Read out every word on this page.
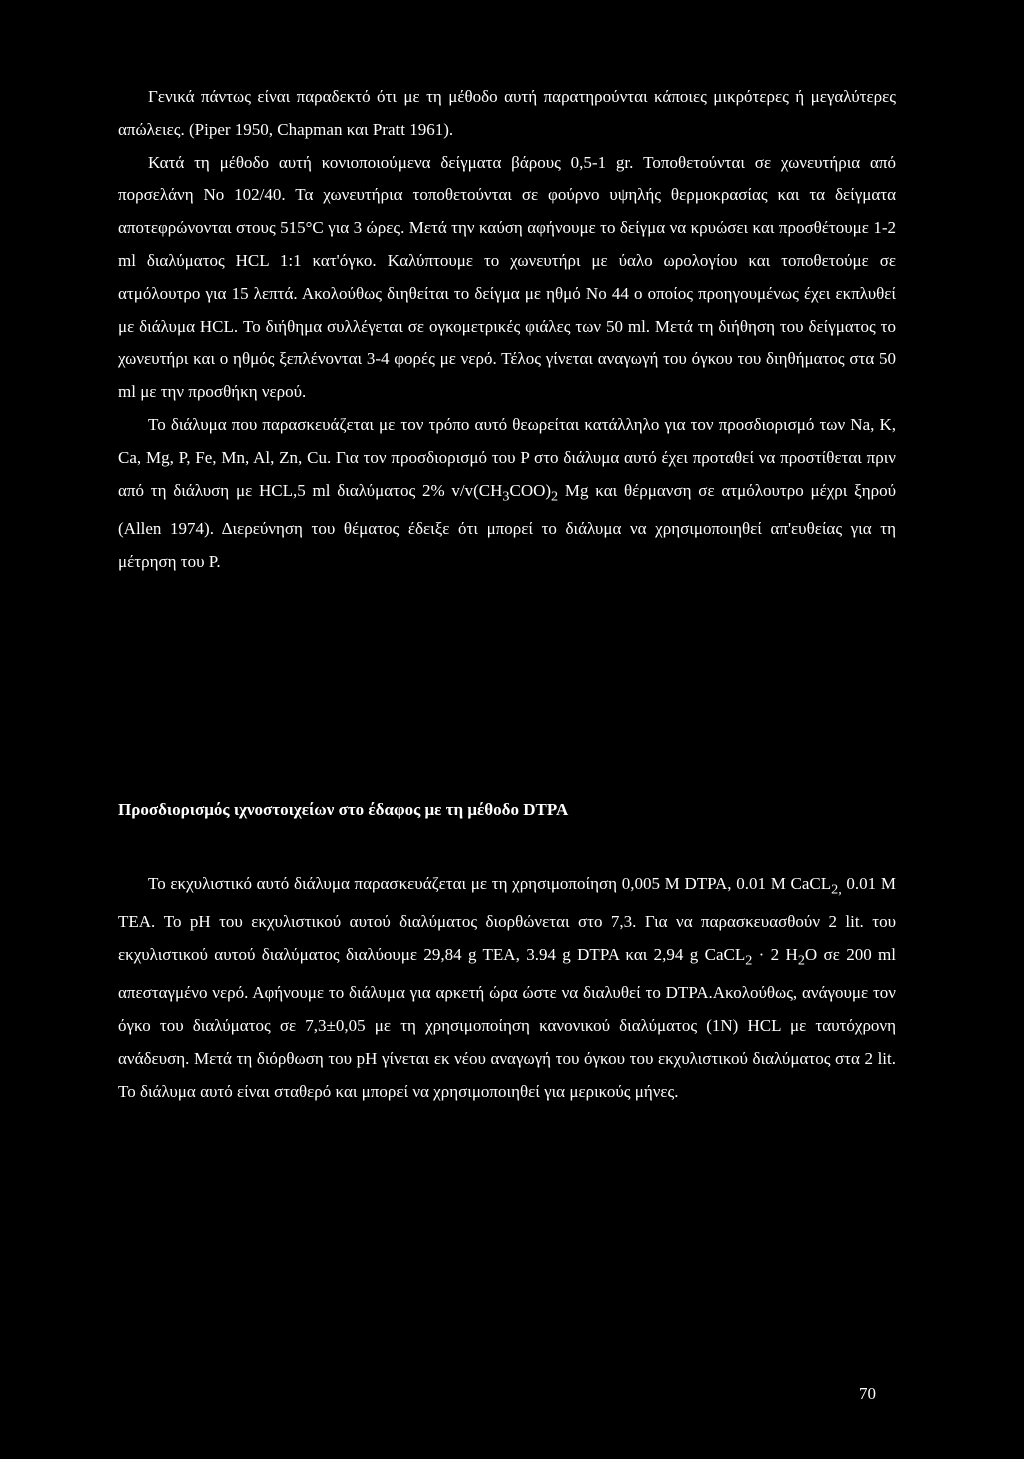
Γενικά πάντως είναι παραδεκτό ότι με τη μέθοδο αυτή παρατηρούνται κάποιες μικρότερες ή μεγαλύτερες απώλειες. (Piper 1950, Chapman και Pratt 1961).

Κατά τη μέθοδο αυτή κονιοποιούμενα δείγματα βάρους 0,5-1 gr. Τοποθετούνται σε χωνευτήρια από πορσελάνη Νο 102/40. Τα χωνευτήρια τοποθετούνται σε φούρνο υψηλής θερμοκρασίας και τα δείγματα αποτεφρώνονται στους 515°C για 3 ώρες. Μετά την καύση αφήνουμε το δείγμα να κρυώσει και προσθέτουμε 1-2 ml διαλύματος HCL 1:1 κατ'όγκο. Καλύπτουμε το χωνευτήρι με ύαλο ωρολογίου και τοποθετούμε σε ατμόλουτρο για 15 λεπτά. Ακολούθως διηθείται το δείγμα με ηθμό Νο 44 ο οποίος προηγουμένως έχει εκπλυθεί με διάλυμα HCL. Το διήθημα συλλέγεται σε ογκομετρικές φιάλες των 50 ml. Μετά τη διήθηση του δείγματος το χωνευτήρι και ο ηθμός ξεπλένονται 3-4 φορές με νερό. Τέλος γίνεται αναγωγή του όγκου του διηθήματος στα 50 ml με την προσθήκη νερού.

Το διάλυμα που παρασκευάζεται με τον τρόπο αυτό θεωρείται κατάλληλο για τον προσδιορισμό των Na, K, Ca, Mg, P, Fe, Mn, Al, Zn, Cu. Για τον προσδιορισμό του P στο διάλυμα αυτό έχει προταθεί να προστίθεται πριν από τη διάλυση με HCL,5 ml διαλύματος 2% $v/v(CH_3COO)_2$ Mg και θέρμανση σε ατμόλουτρο μέχρι ξηρού (Allen 1974). Διερεύνηση του θέματος έδειξε ότι μπορεί το διάλυμα να χρησιμοποιηθεί απ'ευθείας για τη μέτρηση του P.

Προσδιορισμός ιχνοστοιχείων στο έδαφος με τη μέθοδο DTPA

Το εκχυλιστικό αυτό διάλυμα παρασκευάζεται με τη χρησιμοποίηση 0,005 M DTPA, 0.01 M CaCL$_{2,}$ 0.01 M TEA. Το pH του εκχυλιστικού αυτού διαλύματος διορθώνεται στο 7,3. Για να παρασκευασθούν 2 lit. του εκχυλιστικού αυτού διαλύματος διαλύουμε 29,84 g TEA, 3.94 g DTPA και 2,94 g CaCL$_2$ · 2 $H_2O$ σε 200 ml απεσταγμένο νερό. Αφήνουμε το διάλυμα για αρκετή ώρα ώστε να διαλυθεί το DTPA.Ακολούθως, ανάγουμε τον όγκο του διαλύματος σε 7,3±0,05 με τη χρησιμοποίηση κανονικού διαλύματος (1N) HCL με ταυτόχρονη ανάδευση. Μετά τη διόρθωση του pH γίνεται εκ νέου αναγωγή του όγκου του εκχυλιστικού διαλύματος στα 2 lit. Το διάλυμα αυτό είναι σταθερό και μπορεί να χρησιμοποιηθεί για μερικούς μήνες.

70
